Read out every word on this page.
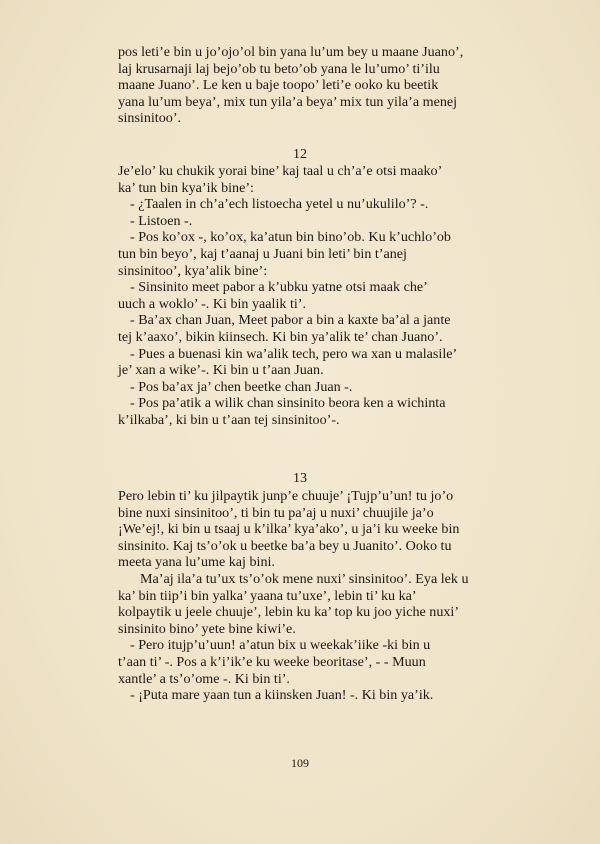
pos leti’e bin u jo’ojo’ol bin yana lu’um bey u maane Juano’,

laj krusarnaji laj bejo’ob tu beto’ob yana le lu’umo’ ti’ilu

maane Juano’. Le ken u baje toopo’ leti’e ooko ku beetik

yana lu’um beya’, mix tun yila’a beya’ mix tun yila’a menej

sinsinitoo’.

12

Je’elo’ ku chukik yorai bine’ kaj taal u ch’a’e otsi maako’

ka’ tun bin kya’ik bine’:

- ¿Taalen in ch’a’ech listoecha yetel u nu’ukulilo’? -.

- Listoen -.

- Pos ko’ox -, ko’ox, ka’atun bin bino’ob. Ku k’uchlo’ob

tun bin beyo’, kaj t’aanaj u Juani bin leti’ bin t’anej

sinsinitoo’, kya’alik bine’:

- Sinsinito meet pabor a k’ubku yatne otsi maak che’

uuch a woklo’ -. Ki bin yaalik ti’.

- Ba’ax chan Juan, Meet pabor a bin a kaxte ba’al a jante

tej k’aaxo’, bikin kiinsech. Ki bin ya’alik te’ chan Juano’.

- Pues a buenasi kin wa’alik tech, pero wa xan u malasile’

je’ xan a wike’-. Ki bin u t’aan Juan.

- Pos ba’ax ja’ chen beetke chan Juan -.

- Pos pa’atik a wilik chan sinsinito beora ken a wichinta

k’ilkaba’, ki bin u t’aan tej sinsinitoo’-.

13

Pero lebin ti’ ku jilpaytik junp’e chuuje’ ¡Tujp’u’un! tu jo’o

bine nuxi sinsinitoo’, ti bin tu pa’aj u nuxi’ chuujile ja’o

¡We’ej!, ki bin u tsaaj u k’ilka’ kya’ako’, u ja’i ku weeke bin

sinsinito. Kaj ts’o’ok u beetke ba’a bey u Juanito’. Ooko tu

meeta yana lu’ume kaj bini.

Ma’aj ila’a tu’ux ts’o’ok mene nuxi’ sinsinitoo’. Eya lek u

ka’ bin tiip’i bin yalka’ yaana tu’uxe’, lebin ti’ ku ka’

kolpaytik u jeele chuuje’, lebin ku ka’ top ku joo yiche nuxi’

sinsinito bino’ yete bine kiwi’e.

- Pero itujp’u’uun! a’atun bix u weekak’iike -ki bin u

t’aan ti’ -. Pos a k’i’ik’e ku weeke beoritase’, - - Muun

xantle’ a ts’o’ome -. Ki bin ti’.

- ¡Puta mare yaan tun a kiinsken Juan! -. Ki bin ya’ik.

109
